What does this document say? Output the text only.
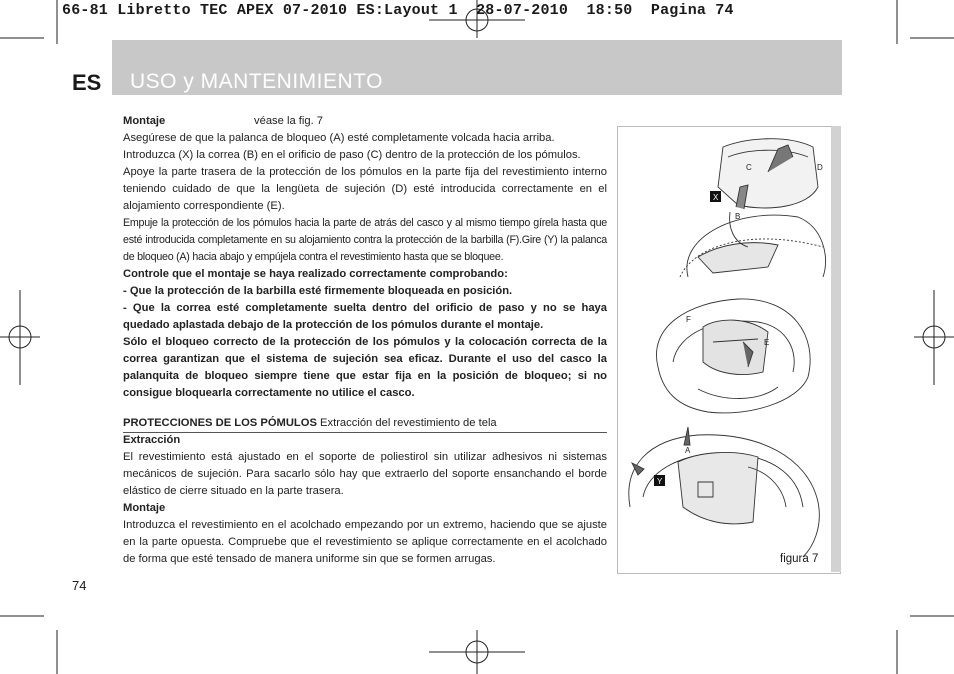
66-81 Libretto TEC APEX 07-2010 ES:Layout 1  28-07-2010  18:50  Pagina 74
ES USO y MANTENIMIENTO
Montaje	véase la fig. 7

Asegúrese de que la palanca de bloqueo (A) esté completamente volcada hacia arriba.

Introduzca (X) la correa (B) en el orificio de paso (C) dentro de la protección de los pómulos.

Apoye la parte trasera de la protección de los pómulos en la parte fija del revestimiento interno teniendo cuidado de que la lengüeta de sujeción (D) esté introducida correctamente en el alojamiento correspondiente (E).

Empuje la protección de los pómulos hacia la parte de atrás del casco y al mismo tiempo gírela hasta que esté introducida completamente en su alojamiento contra la protección de la barbilla (F).Gire (Y) la palanca de bloqueo (A) hacia abajo y empújela contra el revestimiento hasta que se bloquee.

Controle que el montaje se haya realizado correctamente comprobando:

- Que la protección de la barbilla esté firmemente bloqueada en posición.

- Que la correa esté completamente suelta dentro del orificio de paso y no se haya quedado aplastada debajo de la protección de los pómulos durante el montaje.

Sólo el bloqueo correcto de la protección de los pómulos y la colocación correcta de la correa garantizan que el sistema de sujeción sea eficaz. Durante el uso del casco la palanquita de bloqueo siempre tiene que estar fija en la posición de bloqueo; si no consigue bloquearla correctamente no utilice el casco.

PROTECCIONES DE LOS PÓMULOS Extracción del revestimiento de tela

Extracción

El revestimiento está ajustado en el soporte de poliestirol sin utilizar adhesivos ni sistemas mecánicos de sujeción. Para sacarlo sólo hay que extraerlo del soporte ensanchando el borde elástico de cierre situado en la parte trasera.

Montaje

Introduzca el revestimiento en el acolchado empezando por un extremo, haciendo que se ajuste en la parte opuesta. Compruebe que el revestimiento se aplique correctamente en el acolchado de forma que esté tensado de manera uniforme sin que se formen arrugas.

74
C	D
X
B
F
E
A
Y
figura 7
